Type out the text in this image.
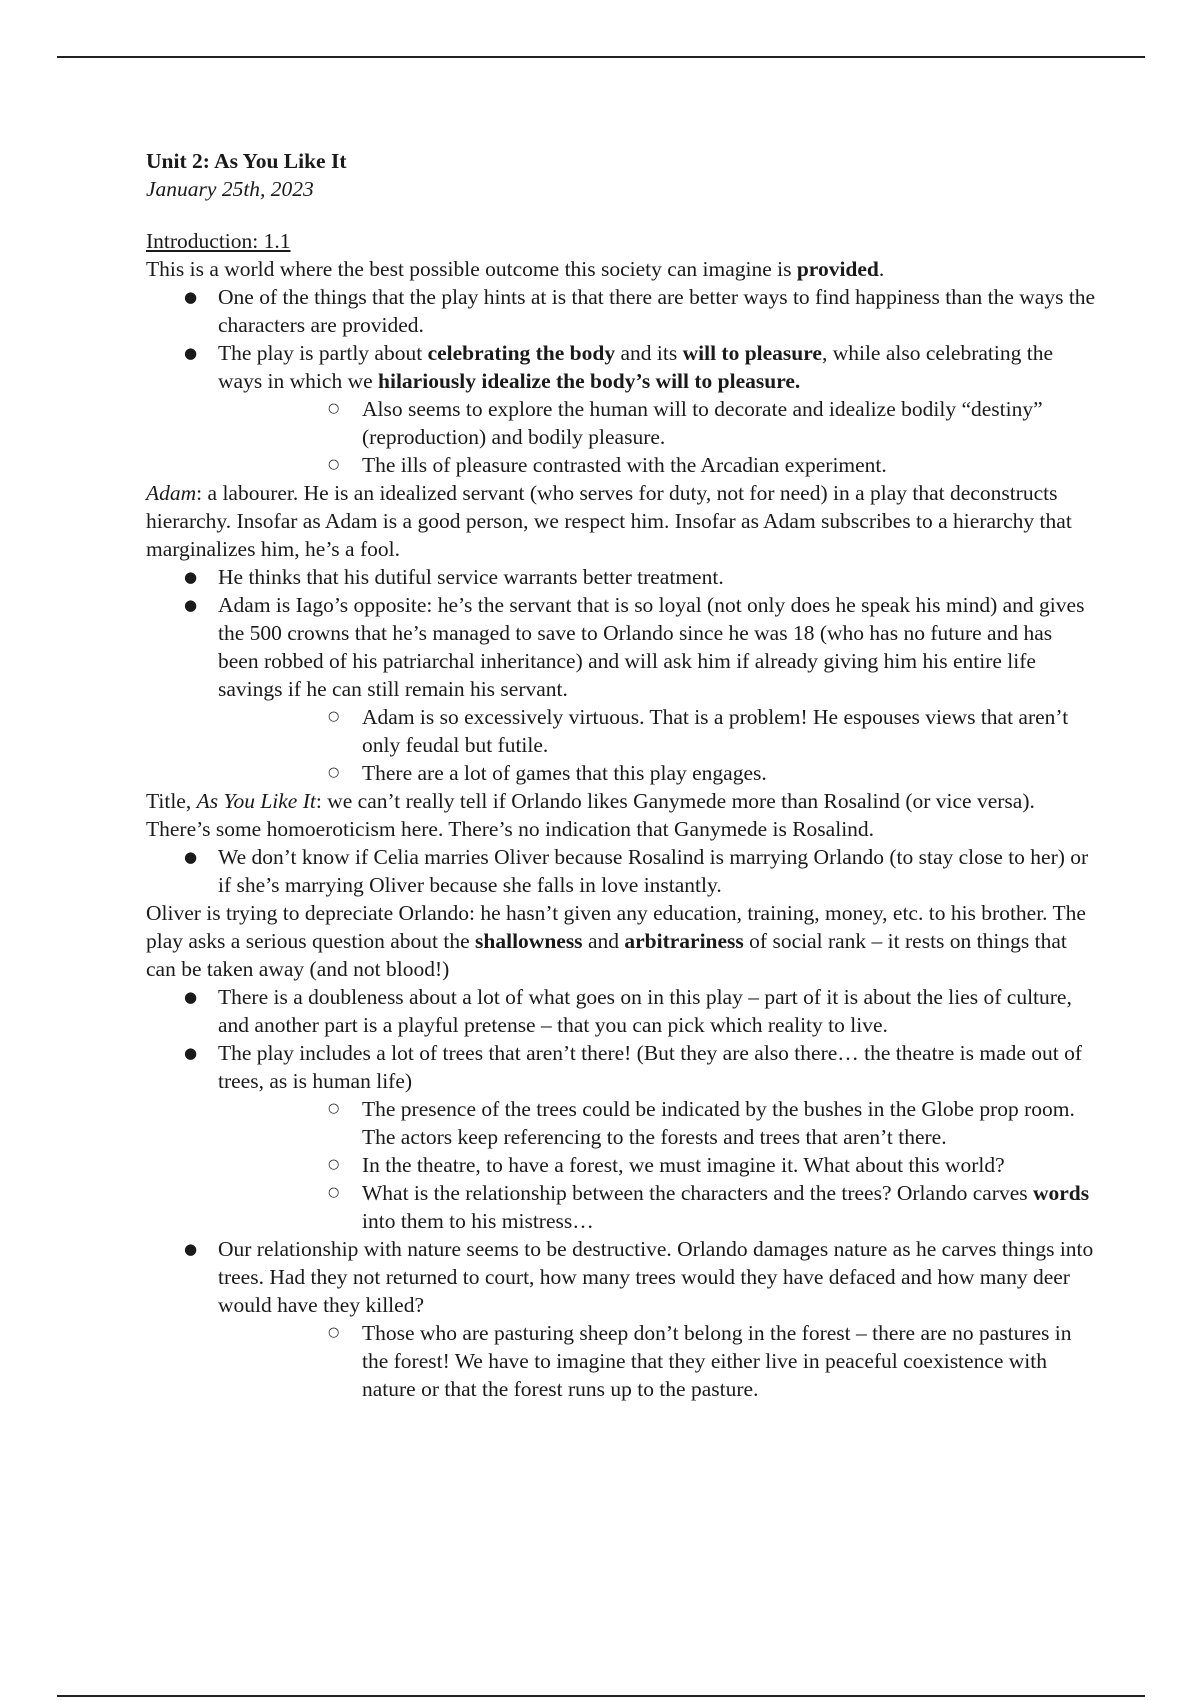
Unit 2: As You Like It

January 25th, 2023

Introduction: 1.1

This is a world where the best possible outcome this society can imagine is provided.

● One of the things that the play hints at is that there are better ways to find happiness than the ways the characters are provided.
● The play is partly about celebrating the body and its will to pleasure, while also celebrating the ways in which we hilariously idealize the body’s will to pleasure.
○ Also seems to explore the human will to decorate and idealize bodily “destiny” (reproduction) and bodily pleasure.
○ The ills of pleasure contrasted with the Arcadian experiment.

Adam: a labourer. He is an idealized servant (who serves for duty, not for need) in a play that deconstructs hierarchy. Insofar as Adam is a good person, we respect him. Insofar as Adam subscribes to a hierarchy that marginalizes him, he’s a fool.

● He thinks that his dutiful service warrants better treatment.
● Adam is Iago’s opposite: he’s the servant that is so loyal (not only does he speak his mind) and gives the 500 crowns that he’s managed to save to Orlando since he was 18 (who has no future and has been robbed of his patriarchal inheritance) and will ask him if already giving him his entire life savings if he can still remain his servant.
○ Adam is so excessively virtuous. That is a problem! He espouses views that aren’t only feudal but futile.
○ There are a lot of games that this play engages.

Title, As You Like It: we can’t really tell if Orlando likes Ganymede more than Rosalind (or vice versa). There’s some homoeroticism here. There’s no indication that Ganymede is Rosalind.

● We don’t know if Celia marries Oliver because Rosalind is marrying Orlando (to stay close to her) or if she’s marrying Oliver because she falls in love instantly.

Oliver is trying to depreciate Orlando: he hasn’t given any education, training, money, etc. to his brother. The play asks a serious question about the shallowness and arbitrariness of social rank – it rests on things that can be taken away (and not blood!)

● There is a doubleness about a lot of what goes on in this play – part of it is about the lies of culture, and another part is a playful pretense – that you can pick which reality to live.
● The play includes a lot of trees that aren’t there! (But they are also there… the theatre is made out of trees, as is human life)
○ The presence of the trees could be indicated by the bushes in the Globe prop room. The actors keep referencing to the forests and trees that aren’t there.
○ In the theatre, to have a forest, we must imagine it. What about this world?
○ What is the relationship between the characters and the trees? Orlando carves words into them to his mistress…
● Our relationship with nature seems to be destructive. Orlando damages nature as he carves things into trees. Had they not returned to court, how many trees would they have defaced and how many deer would have they killed?
○ Those who are pasturing sheep don’t belong in the forest – there are no pastures in the forest! We have to imagine that they either live in peaceful coexistence with nature or that the forest runs up to the pasture.
